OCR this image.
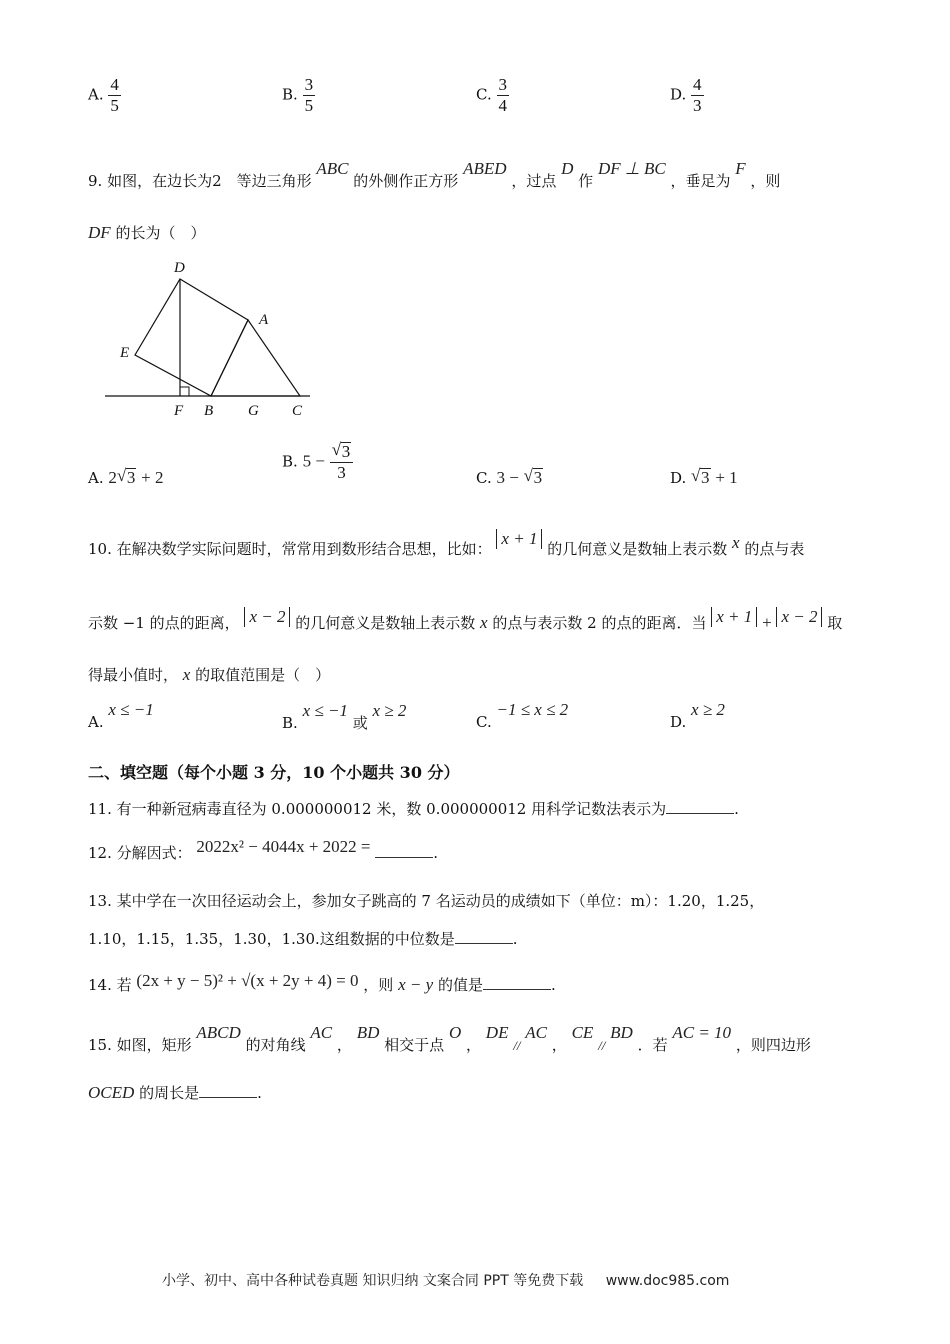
A. $\frac{4}{5}$	B. $\frac{3}{5}$	C. $\frac{3}{4}$	D. $\frac{4}{3}$
9. 如图，在边长为2　等边三角形 ABC 的外侧作正方形 ABED ，过点 D 作 DF ⊥ BC ，垂足为 F ，则
DF 的长为（　）
D
A
E
F B G C
A. 2 √ 3 + 2
B. $5 - \frac{√ 3}{3}$	C. 3 − √ 3	D. √ 3 + 1
10. 在解决数学实际问题时，常常用到数形结合思想，比如： x + 1 的几何意义是数轴上表示数 x 的点与表
示数 −1 的点的距离， x − 2 的几何意义是数轴上表示数 x 的点与表示数 2 的点的距离．当 x + 1 + x − 2 取
得最小值时， x 的取值范围是（　）
A. x ≤ −1
B. x ≤ −1 或 x ≥ 2
C. −1 ≤ x ≤ 2
D. x ≥ 2
二、填空题（每个小题 3 分，10 个小题共 30 分）
11. 有一种新冠病毒直径为 0.000000012 米，数 0.000000012 用科学记数法表示为	.
12. 分解因式： 2022x² − 4044x + 2022 =	.
13. 某中学在一次田径运动会上，参加女子跳高的 7 名运动员的成绩如下（单位：m）：1.20，1.25，
1.10，1.15，1.35，1.30，1.30.这组数据的中位数是	.
14. 若 (2x + y − 5)² + √(x + 2y + 4) = 0 ，则 x − y 的值是	.
15. 如图，矩形 ABCD 的对角线 AC ， BD 相交于点 O ， DE // AC ， CE // BD ．若 AC = 10 ，则四边形
OCED 的周长是	.
小学、初中、高中各种试卷真题 知识归纳 文案合同 PPT 等免费下载 www.doc985.com
